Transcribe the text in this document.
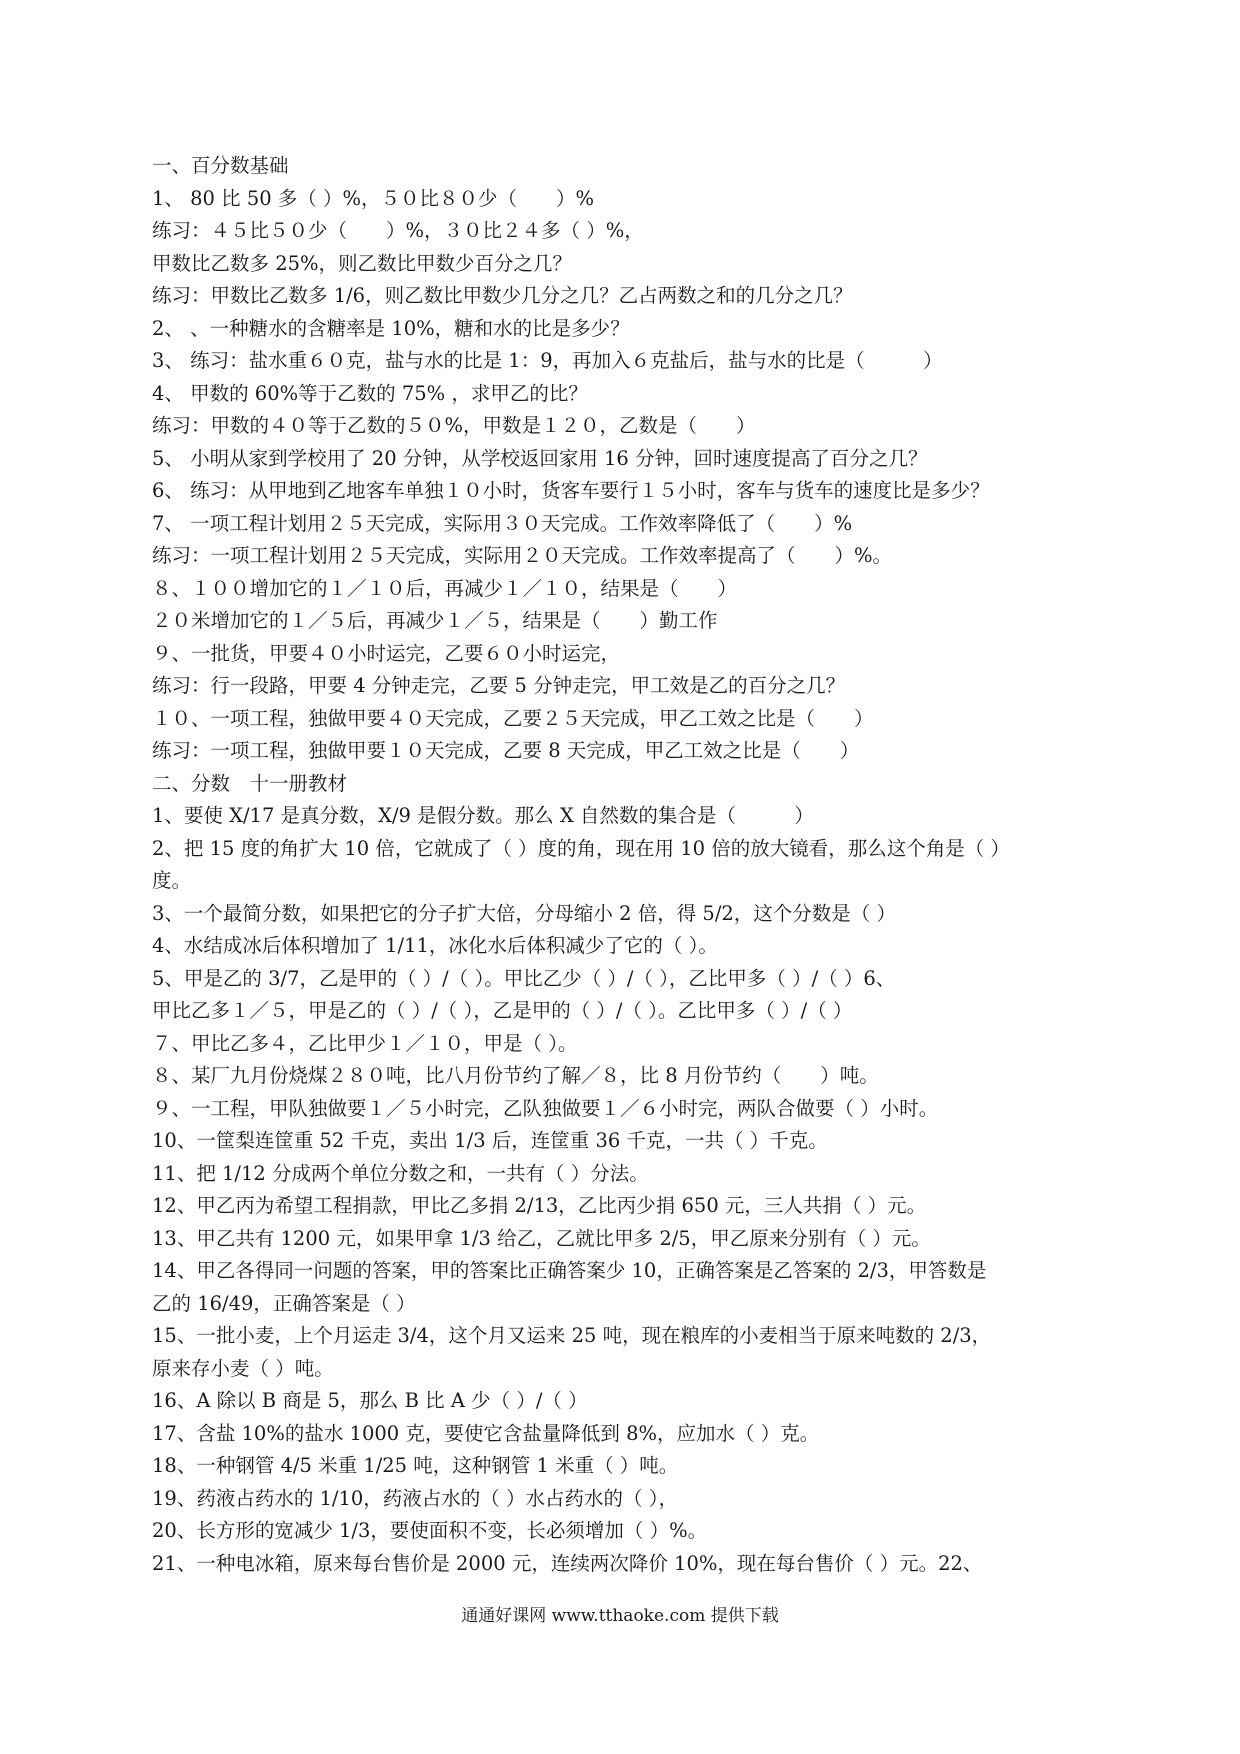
一、百分数基础
1、 80 比 50 多（ ）%，５０比８０少（　　）%
练习：４５比５０少（　　）%，３０比２４多（ ）%，
甲数比乙数多 25%，则乙数比甲数少百分之几？
练习：甲数比乙数多 1/6，则乙数比甲数少几分之几？乙占两数之和的几分之几？
2、 、一种糖水的含糖率是 10%，糖和水的比是多少？
3、 练习：盐水重６０克，盐与水的比是 1：9，再加入６克盐后，盐与水的比是（　　　）
4、 甲数的 60%等于乙数的 75% ，求甲乙的比？
练习：甲数的４０等于乙数的５０%，甲数是１２０，乙数是（　　）
5、 小明从家到学校用了 20 分钟，从学校返回家用 16 分钟，回时速度提高了百分之几？
6、 练习：从甲地到乙地客车单独１０小时，货客车要行１５小时，客车与货车的速度比是多少？
7、 一项工程计划用２５天完成，实际用３０天完成。工作效率降低了（　　）%
练习：一项工程计划用２５天完成，实际用２０天完成。工作效率提高了（　　）%。
８、１００增加它的１／１０后，再减少１／１０，结果是（　　）
２０米增加它的１／５后，再减少１／５，结果是（　　）勤工作
９、一批货，甲要４０小时运完，乙要６０小时运完，
练习：行一段路，甲要 4 分钟走完，乙要 5 分钟走完，甲工效是乙的百分之几？
１０、一项工程，独做甲要４０天完成，乙要２５天完成，甲乙工效之比是（　　）
练习：一项工程，独做甲要１０天完成，乙要 8 天完成，甲乙工效之比是（　　）
二、分数　十一册教材
1、要使 X/17 是真分数，X/9 是假分数。那么 X 自然数的集合是（　　　）
2、把 15 度的角扩大 10 倍，它就成了（ ）度的角，现在用 10 倍的放大镜看，那么这个角是（ ）
度。
3、一个最简分数，如果把它的分子扩大倍，分母缩小 2 倍，得 5/2，这个分数是（ ）
4、水结成冰后体积增加了 1/11，冰化水后体积减少了它的（ ）。
5、甲是乙的 3/7，乙是甲的（ ）/（ ）。甲比乙少（ ）/（ ），乙比甲多（ ）/（ ）6、
甲比乙多１／５，甲是乙的（ ）/（ ），乙是甲的（ ）/（ ）。乙比甲多（ ）/（ ）
７、甲比乙多４，乙比甲少１／１０，甲是（ ）。
８、某厂九月份烧煤２８０吨，比八月份节约了解／８，比 8 月份节约（　　）吨。
９、一工程，甲队独做要１／５小时完，乙队独做要１／６小时完，两队合做要（ ）小时。
10、一筐梨连筐重 52 千克，卖出 1/3 后，连筐重 36 千克，一共（ ）千克。
11、把 1/12 分成两个单位分数之和，一共有（ ）分法。
12、甲乙丙为希望工程捐款，甲比乙多捐 2/13，乙比丙少捐 650 元，三人共捐（ ）元。
13、甲乙共有 1200 元，如果甲拿 1/3 给乙，乙就比甲多 2/5，甲乙原来分别有（ ）元。
14、甲乙各得同一问题的答案，甲的答案比正确答案少 10，正确答案是乙答案的 2/3，甲答数是
乙的 16/49，正确答案是（ ）
15、一批小麦，上个月运走 3/4，这个月又运来 25 吨，现在粮库的小麦相当于原来吨数的 2/3，
原来存小麦（ ）吨。
16、A 除以 B 商是 5，那么 B 比 A 少（ ）/（ ）
17、含盐 10%的盐水 1000 克，要使它含盐量降低到 8%，应加水（ ）克。
18、一种钢管 4/5 米重 1/25 吨，这种钢管 1 米重（ ）吨。
19、药液占药水的 1/10，药液占水的（ ）水占药水的（ ），
20、长方形的宽减少 1/3，要使面积不变，长必须增加（ ）%。
21、一种电冰箱，原来每台售价是 2000 元，连续两次降价 10%，现在每台售价（ ）元。22、
通通好课网 www.tthaoke.com 提供下载
